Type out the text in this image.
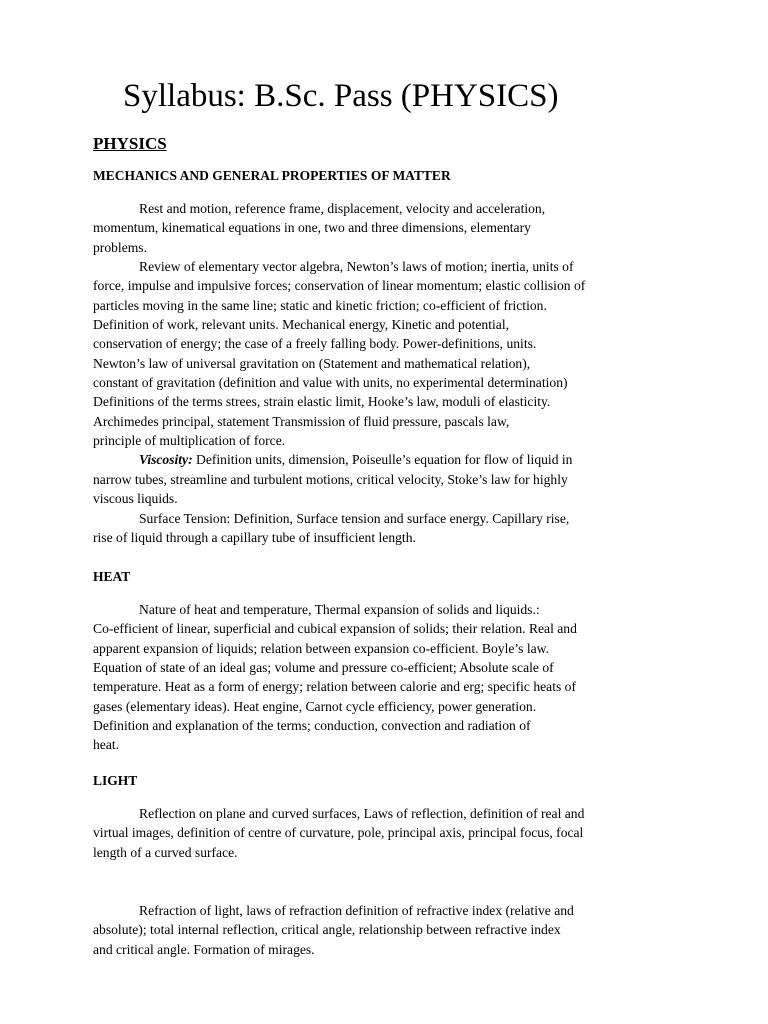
Syllabus: B.Sc. Pass (PHYSICS)
PHYSICS
MECHANICS AND GENERAL PROPERTIES OF MATTER
Rest and motion, reference frame, displacement, velocity and acceleration,
momentum, kinematical equations in one, two and three dimensions, elementary
problems.
Review of elementary vector algebra, Newton’s laws of motion; inertia, units of
force, impulse and impulsive forces; conservation of linear momentum; elastic collision of
particles moving in the same line; static and kinetic friction; co-efficient of friction.
Definition of work, relevant units. Mechanical energy, Kinetic and potential,
conservation of energy; the case of a freely falling body. Power-definitions, units.
Newton’s law of universal gravitation on (Statement and mathematical relation),
constant of gravitation (definition and value with units, no experimental determination)
Definitions of the terms strees, strain elastic limit, Hooke’s law, moduli of elasticity.
Archimedes principal, statement Transmission of fluid pressure, pascals law,
principle of multiplication of force.
Viscosity: Definition units, dimension, Poiseulle’s equation for flow of liquid in
narrow tubes, streamline and turbulent motions, critical velocity, Stoke’s law for highly
viscous liquids.
Surface Tension: Definition, Surface tension and surface energy. Capillary rise,
rise of liquid through a capillary tube of insufficient length.
HEAT
Nature of heat and temperature, Thermal expansion of solids and liquids.:
Co-efficient of linear, superficial and cubical expansion of solids; their relation. Real and
apparent expansion of liquids; relation between expansion co-efficient. Boyle’s law.
Equation of state of an ideal gas; volume and pressure co-efficient; Absolute scale of
temperature. Heat as a form of energy; relation between calorie and erg; specific heats of
gases (elementary ideas). Heat engine, Carnot cycle efficiency, power generation.
Definition and explanation of the terms; conduction, convection and radiation of
heat.
LIGHT
Reflection on plane and curved surfaces, Laws of reflection, definition of real and
virtual images, definition of centre of curvature, pole, principal axis, principal focus, focal
length of a curved surface.
Refraction of light, laws of refraction definition of refractive index (relative and
absolute); total internal reflection, critical angle, relationship between refractive index
and critical angle. Formation of mirages.
